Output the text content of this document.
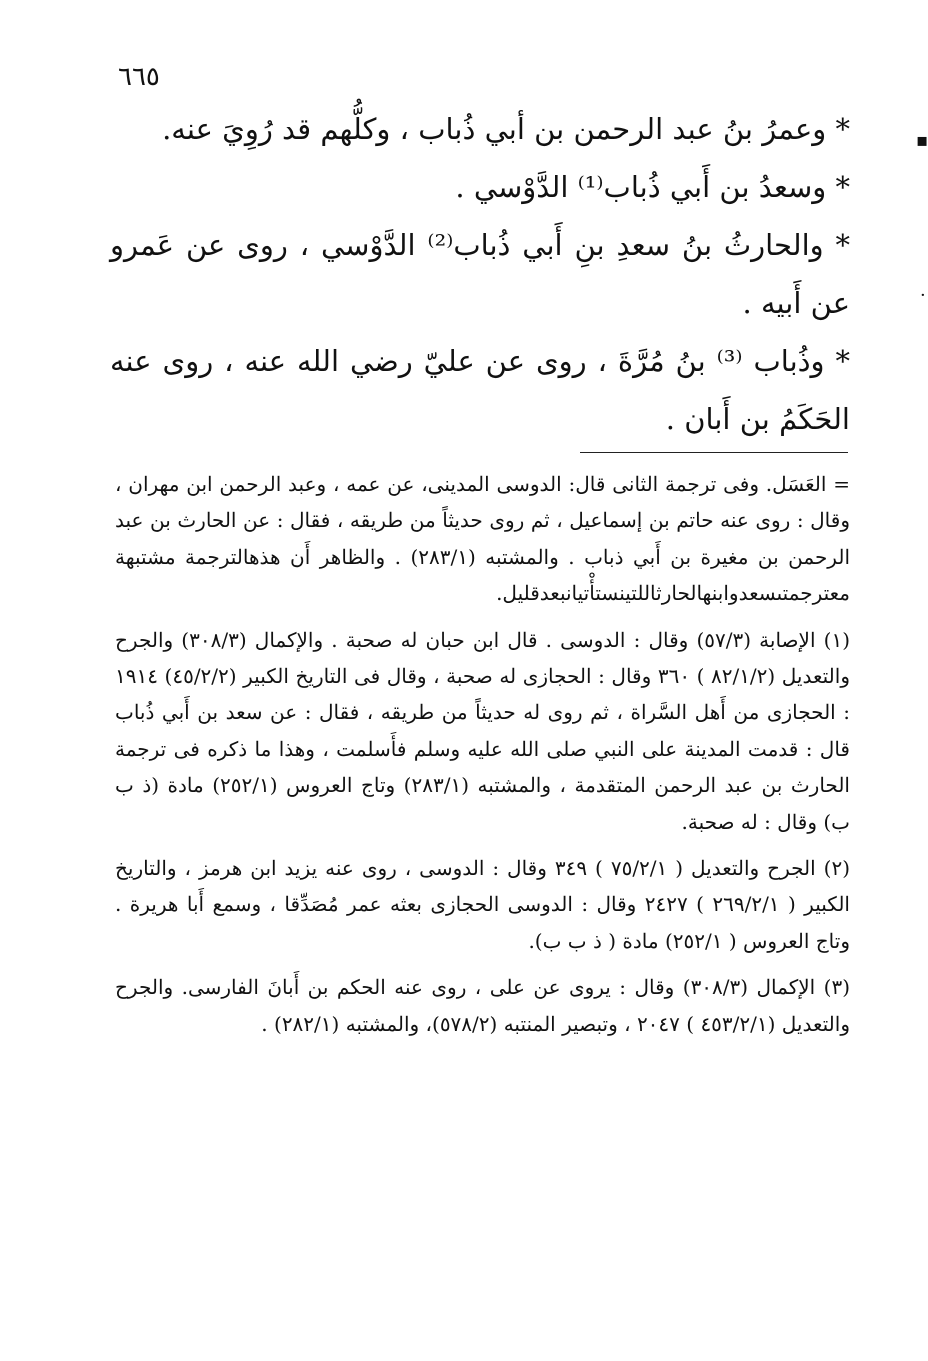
٦٦٥
▪
·

* وعمرُ بنُ عبد الرحمن بن أبي ذُباب ، وكلُّهم قد رُوِيَ عنه.

* وسعدُ بن أَبي ذُباب⁽¹⁾ الدَّوْسي .

* والحارثُ بنُ سعدِ بنِ أَبي ذُباب⁽²⁾ الدَّوْسي ، روى عن عَمرو عن أَبيه .

* وذُباب ⁽³⁾ بنُ مُرَّةَ ، روى عن عليّ رضي الله عنه ، روى عنه الحَكَمُ بن أَبان .

= العَسَل. وفى ترجمة الثانى قال: الدوسى المدينى، عن عمه ، وعبد الرحمن ابن مهران ، وقال : روى عنه حاتم بن إسماعيل ، ثم روى حديثاً من طريقه ، فقال : عن الحارث بن عبد الرحمن بن مغيرة بن أَبي ذباب . والمشتبه (٢٨٣/١) . والظاهر أَن هذهالترجمة مشتبهة معترجمتىسعدوابنهالحارثاللتينستأْتيانبعدقليل.

(١) الإصابة (٥٧/٣) وقال : الدوسى . قال ابن حبان له صحبة . والإكمال (٣٠٨/٣) والجرح والتعديل (٨٢/١/٢ ) ٣٦٠ وقال : الحجازى له صحبة ، وقال فى التاريخ الكبير (٤٥/٢/٢) ١٩١٤ : الحجازى من أَهل السَّراة ، ثم روى له حديثاً من طريقه ، فقال : عن سعد بن أَبي ذُباب قال : قدمت المدينة على النبي صلى الله عليه وسلم فأَسلمت ، وهذا ما ذكره فى ترجمة الحارث بن عبد الرحمن المتقدمة ، والمشتبه (٢٨٣/١) وتاج العروس (٢٥٢/١) مادة (ذ ب ب) وقال : له صحبة.

(٢) الجرح والتعديل ( ٧٥/٢/١ ) ٣٤٩ وقال : الدوسى ، روى عنه يزيد ابن هرمز ، والتاريخ الكبير ( ٢٦٩/٢/١ ) ٢٤٢٧ وقال : الدوسى الحجازى بعثه عمر مُصَدِّقا ، وسمع أَبا هريرة . وتاج العروس ( ٢٥٢/١) مادة ( ذ ب ب).

(٣) الإكمال (٣٠٨/٣) وقال : يروى عن على ، روى عنه الحكم بن أَبانَ الفارسى. والجرح والتعديل (٤٥٣/٢/١ ) ٢٠٤٧ ، وتبصير المنتبه (٥٧٨/٢)، والمشتبه (٢٨٢/١) .
